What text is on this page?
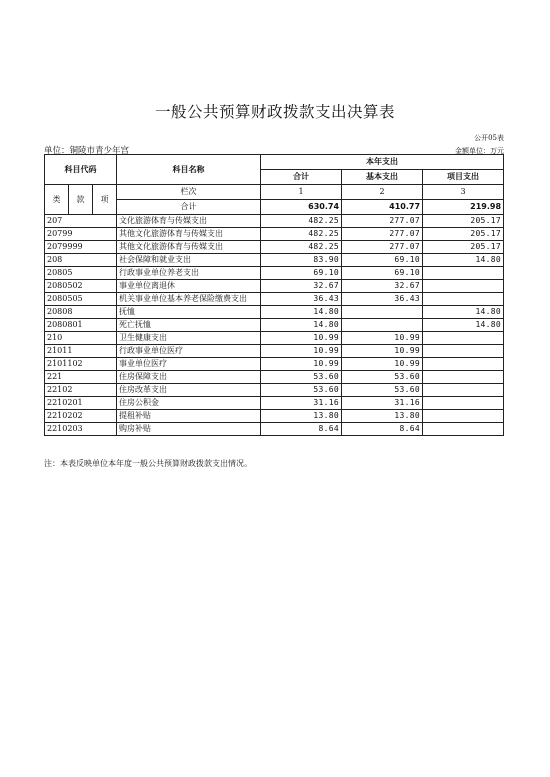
一般公共预算财政拨款支出决算表
公开05表
单位：铜陵市青少年宫	金额单位：万元
科目代码			科目名称	本年支出		
				合计	基本支出	项目支出
类	款	项	栏次	1	2	3
			合计	630.74	410.77	219.98
207			文化旅游体育与传媒支出	482.25	277.07	205.17
20799			其他文化旅游体育与传媒支出	482.25	277.07	205.17
2079999			其他文化旅游体育与传媒支出	482.25	277.07	205.17
208			社会保障和就业支出	83.90	69.10	14.80
20805			行政事业单位养老支出	69.10	69.10	
2080502			事业单位离退休	32.67	32.67	
2080505			机关事业单位基本养老保险缴费支出	36.43	36.43	
20808			抚恤	14.80		14.80
2080801			死亡抚恤	14.80		14.80
210			卫生健康支出	10.99	10.99	
21011			行政事业单位医疗	10.99	10.99	
2101102			事业单位医疗	10.99	10.99	
221			住房保障支出	53.60	53.60	
22102			住房改革支出	53.60	53.60	
2210201			住房公积金	31.16	31.16	
2210202			提租补贴	13.80	13.80	
2210203			购房补贴	8.64	8.64	
注：本表反映单位本年度一般公共预算财政拨款支出情况。
